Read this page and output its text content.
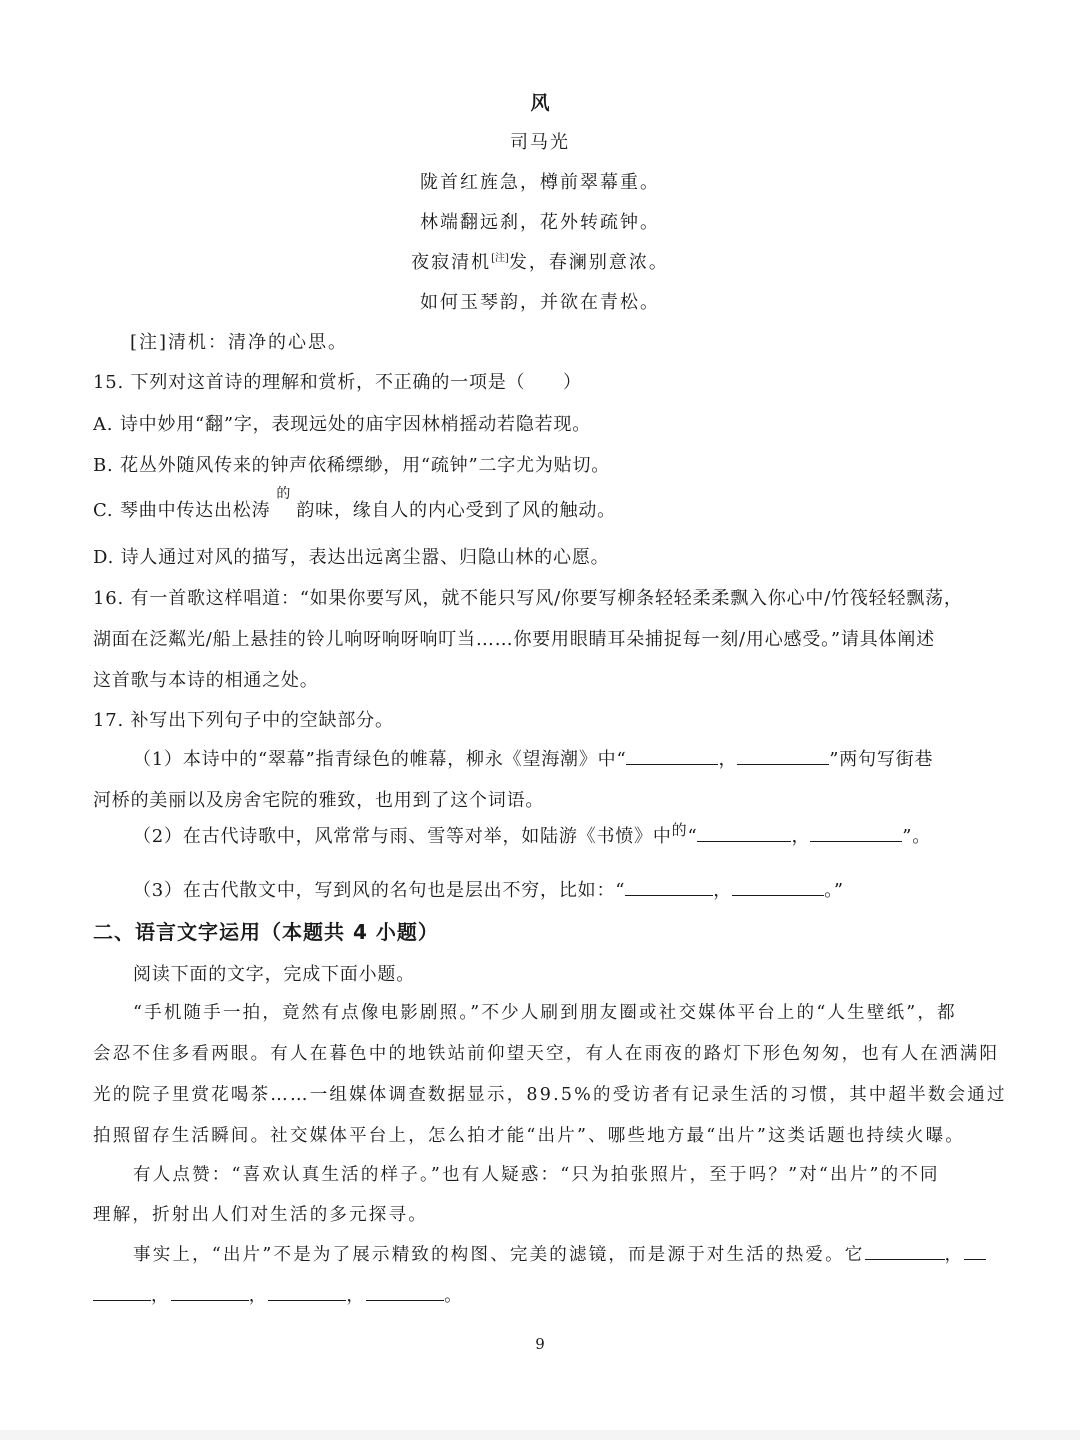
风
司马光
陇首红旌急，樽前翠幕重。
林端翻远刹，花外转疏钟。
夜寂清机[注]发，春澜别意浓。
如何玉琴韵，并欲在青松。
[注]清机：清净的心思。
15. 下列对这首诗的理解和赏析，不正确的一项是（　　）
A. 诗中妙用“翻”字，表现远处的庙宇因林梢摇动若隐若现。
B. 花丛外随风传来的钟声依稀缥缈，用“疏钟”二字尤为贴切。
C. 琴曲中传达出松涛$^的$韵味，缘自人的内心受到了风的触动。
D. 诗人通过对风的描写，表达出远离尘嚣、归隐山林的心愿。
16. 有一首歌这样唱道：“如果你要写风，就不能只写风/你要写柳条轻轻柔柔飘入你心中/竹筏轻轻飘荡，
湖面在泛粼光/船上悬挂的铃儿响呀响呀响叮当……你要用眼睛耳朵捕捉每一刻/用心感受。”请具体阐述
这首歌与本诗的相通之处。
17. 补写出下列句子中的空缺部分。
（1）本诗中的“翠幕”指青绿色的帷幕，柳永《望海潮》中“	，	”两句写街巷
河桥的美丽以及房舍宅院的雅致，也用到了这个词语。
（2）在古代诗歌中，风常常与雨、雪等对举，如陆游《书愤》中$^的$“	，	”。
（3）在古代散文中，写到风的名句也是层出不穷，比如：“	，	。”
二、语言文字运用（本题共 4 小题）
阅读下面的文字，完成下面小题。
“手机随手一拍，竟然有点像电影剧照。”不少人刷到朋友圈或社交媒体平台上的“人生壁纸”，都
会忍不住多看两眼。有人在暮色中的地铁站前仰望天空，有人在雨夜的路灯下形色匆匆，也有人在洒满阳
光的院子里赏花喝茶……一组媒体调查数据显示，89.5%的受访者有记录生活的习惯，其中超半数会通过
拍照留存生活瞬间。社交媒体平台上，怎么拍才能“出片”、哪些地方最“出片”这类话题也持续火曝。
有人点赞：“喜欢认真生活的样子。”也有人疑惑：“只为拍张照片，至于吗？”对“出片”的不同
理解，折射出人们对生活的多元探寻。
事实上，“出片”不是为了展示精致的构图、完美的滤镜，而是源于对生活的热爱。它	，
，	，	，	。
9
